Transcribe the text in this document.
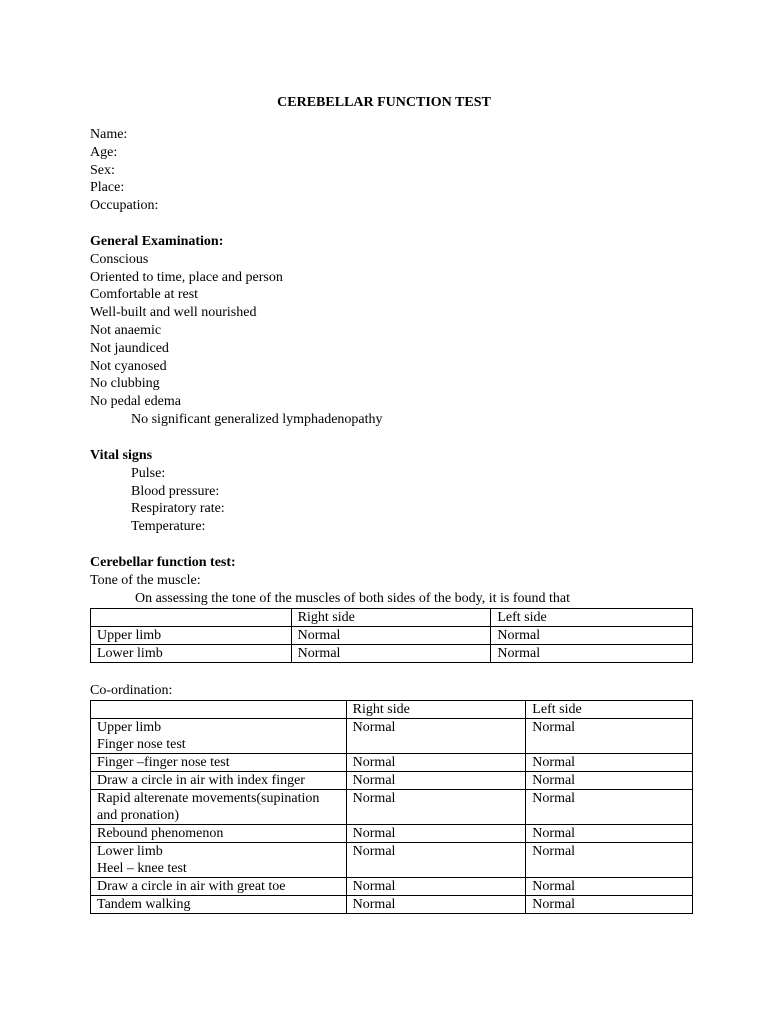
CEREBELLAR FUNCTION TEST
Name:
Age:
Sex:
Place:
Occupation:
General Examination:
Conscious
Oriented to time, place and person
Comfortable at rest
Well-built and well nourished
Not anaemic
Not jaundiced
Not cyanosed
No clubbing
No pedal edema
No significant generalized lymphadenopathy
Vital signs
Pulse:
Blood pressure:
Respiratory rate:
Temperature:
Cerebellar function test:
Tone of the muscle:
On assessing the tone of the muscles of both sides of the body, it is found that
	Right side	Left side
Upper limb	Normal	Normal
Lower limb	Normal	Normal
Co-ordination:
	Right side	Left side

Upper limb
Finger nose test	Normal	Normal

Finger –finger nose test	Normal	Normal

Draw a circle in air with index finger	Normal	Normal

Rapid alterenate movements(supination
and pronation)	Normal	Normal

Rebound phenomenon	Normal	Normal

Lower limb
Heel – knee test	Normal	Normal

Draw a circle in air with great toe	Normal	Normal

Tandem walking	Normal	Normal
